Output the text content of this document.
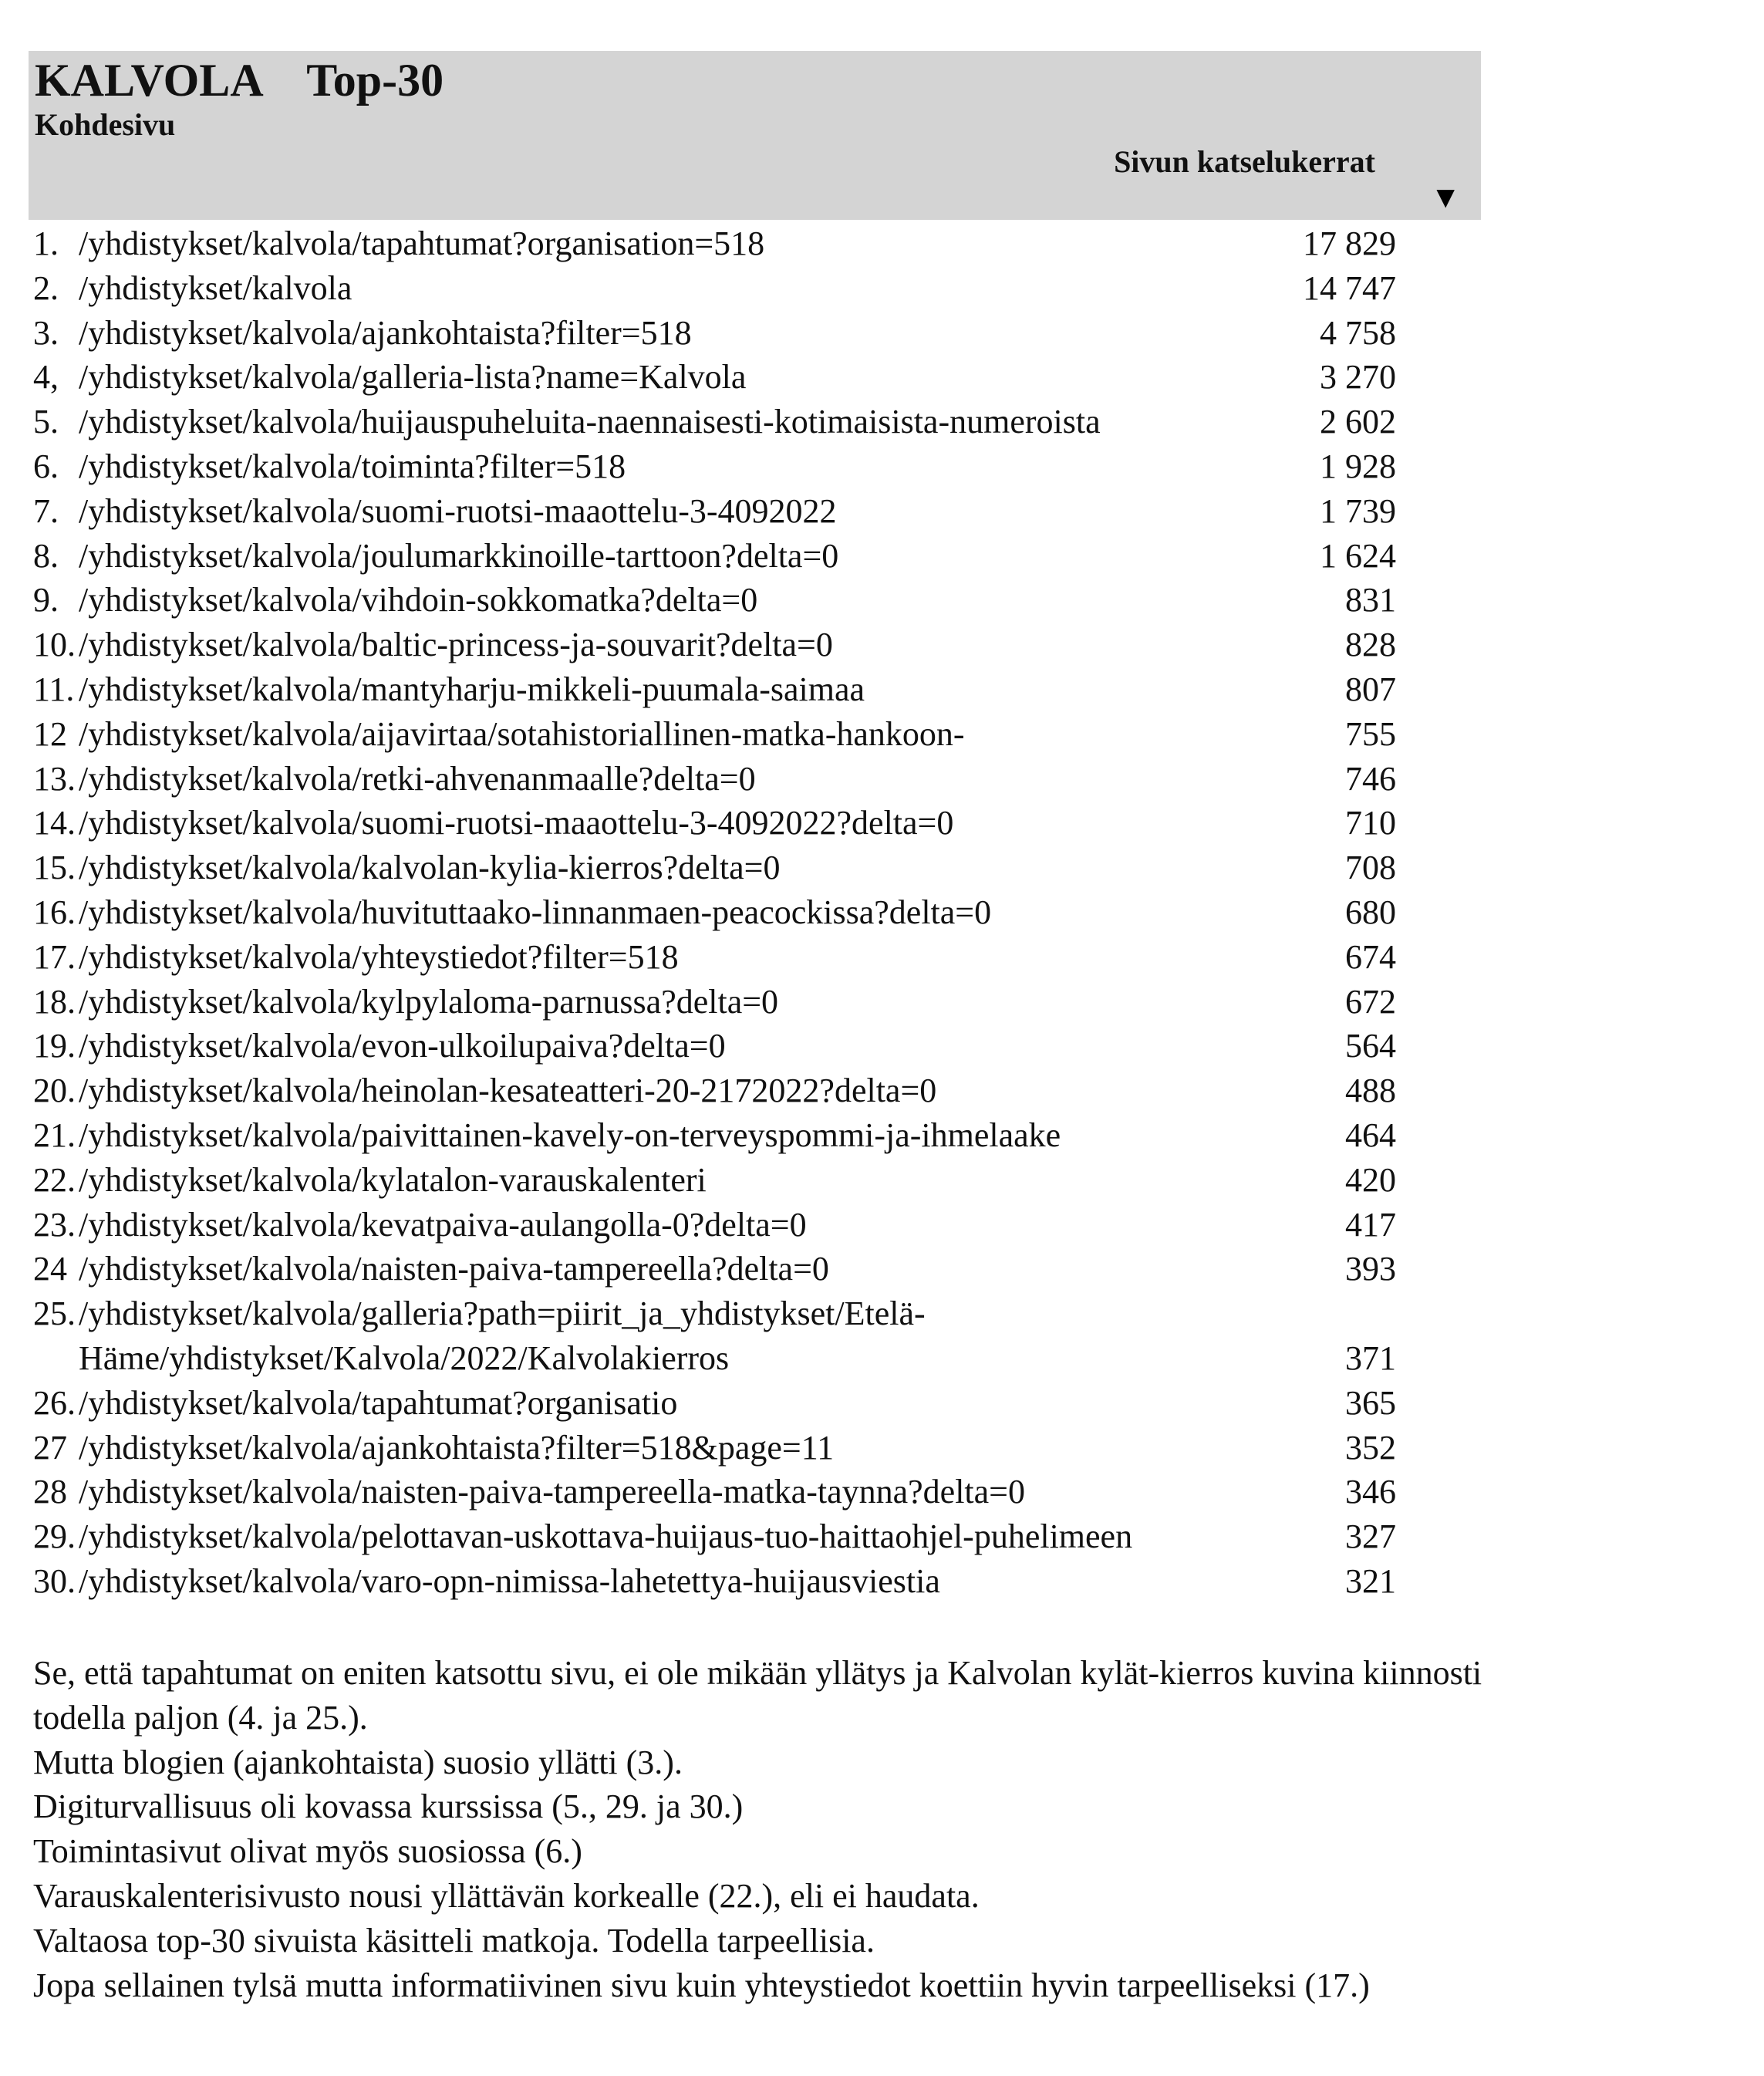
KALVOLA    Top-30
Kohdesivu
Sivun katselukerrat
▼
1. /yhdistykset/kalvola/tapahtumat?organisation=518	17 829
2. /yhdistykset/kalvola	14 747
3. /yhdistykset/kalvola/ajankohtaista?filter=518	4 758
4, /yhdistykset/kalvola/galleria-lista?name=Kalvola	3 270
5. /yhdistykset/kalvola/huijauspuheluita-naennaisesti-kotimaisista-numeroista	2 602
6. /yhdistykset/kalvola/toiminta?filter=518	1 928
7. /yhdistykset/kalvola/suomi-ruotsi-maaottelu-3-4092022	1 739
8. /yhdistykset/kalvola/joulumarkkinoille-tarttoon?delta=0	1 624
9. /yhdistykset/kalvola/vihdoin-sokkomatka?delta=0	831
10. /yhdistykset/kalvola/baltic-princess-ja-souvarit?delta=0	828
11. /yhdistykset/kalvola/mantyharju-mikkeli-puumala-saimaa	807
12 /yhdistykset/kalvola/aijavirtaa/sotahistoriallinen-matka-hankoon-	755
13. /yhdistykset/kalvola/retki-ahvenanmaalle?delta=0	746
14. /yhdistykset/kalvola/suomi-ruotsi-maaottelu-3-4092022?delta=0	710
15. /yhdistykset/kalvola/kalvolan-kylia-kierros?delta=0	708
16. /yhdistykset/kalvola/huvituttaako-linnanmaen-peacockissa?delta=0	680
17. /yhdistykset/kalvola/yhteystiedot?filter=518	674
18. /yhdistykset/kalvola/kylpylaloma-parnussa?delta=0	672
19. /yhdistykset/kalvola/evon-ulkoilupaiva?delta=0	564
20. /yhdistykset/kalvola/heinolan-kesateatteri-20-2172022?delta=0	488
21. /yhdistykset/kalvola/paivittainen-kavely-on-terveyspommi-ja-ihmelaake	464
22. /yhdistykset/kalvola/kylatalon-varauskalenteri	420
23. /yhdistykset/kalvola/kevatpaiva-aulangolla-0?delta=0	417
24 /yhdistykset/kalvola/naisten-paiva-tampereella?delta=0	393
25. /yhdistykset/kalvola/galleria?path=piirit_ja_yhdistykset/Etelä-Häme/yhdistykset/Kalvola/2022/Kalvolakierros	371
26. /yhdistykset/kalvola/tapahtumat?organisatio	365
27 /yhdistykset/kalvola/ajankohtaista?filter=518&page=11	352
28 /yhdistykset/kalvola/naisten-paiva-tampereella-matka-taynna?delta=0	346
29. /yhdistykset/kalvola/pelottavan-uskottava-huijaus-tuo-haittaohjel-puhelimeen	327
30. /yhdistykset/kalvola/varo-opn-nimissa-lahetettya-huijausviestia	321

Se, että tapahtumat on eniten katsottu sivu, ei ole mikään yllätys ja Kalvolan kylät-kierros kuvina kiinnosti todella paljon (4. ja 25.).

Mutta blogien (ajankohtaista) suosio yllätti (3.).

Digiturvallisuus oli kovassa kurssissa (5., 29. ja 30.)

Toimintasivut olivat myös suosiossa (6.)

Varauskalenterisivusto nousi yllättävän korkealle (22.), eli ei haudata.

Valtaosa top-30 sivuista käsitteli matkoja. Todella tarpeellisia.

Jopa sellainen tylsä mutta informatiivinen sivu kuin yhteystiedot koettiin hyvin tarpeelliseksi (17.)
